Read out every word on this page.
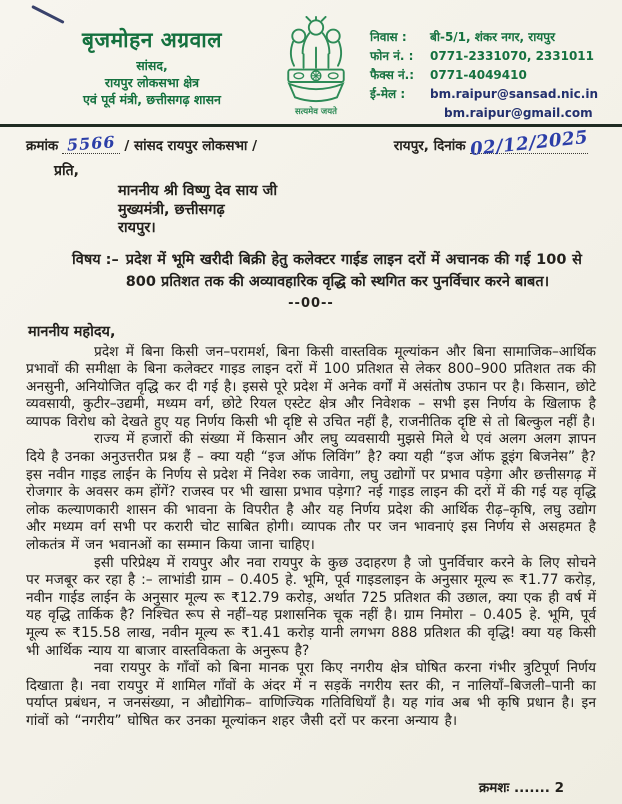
बृजमोहन अग्रवाल
सांसद,
रायपुर लोकसभा क्षेत्र
एवं पूर्व मंत्री, छत्तीसगढ़ शासन
सत्यमेव जयते
निवास :	बी-5/1, शंकर नगर, रायपुर
फोन नं. :	0771-2331070, 2331011
फैक्स नं.:	0771-4049410
ई-मेल :	bm.raipur@sansad.nic.in
bm.raipur@gmail.com
क्रमांक 5566 / सांसद रायपुर लोकसभा /	रायपुर, दिनांक 02/12/2025
प्रति,
माननीय श्री विष्णु देव साय जी
मुख्यमंत्री, छत्तीसगढ़
रायपुर।
विषय :– प्रदेश में भूमि खरीदी बिक्री हेतु कलेक्टर गाईड लाइन दरों में अचानक की गई 100 से 800 प्रतिशत तक की अव्यावहारिक वृद्धि को स्थगित कर पुनर्विचार करने बाबत।
--00--
माननीय महोदय,

प्रदेश में बिना किसी जन–परामर्श, बिना किसी वास्तविक मूल्यांकन और बिना सामाजिक–आर्थिक प्रभावों की समीक्षा के बिना कलेक्टर गाइड लाइन दरों में 100 प्रतिशत से लेकर 800–900 प्रतिशत तक की अनसुनी, अनियोजित वृद्धि कर दी गई है। इससे पूरे प्रदेश में अनेक वर्गों में असंतोष उफान पर है। किसान, छोटे व्यवसायी, कुटीर–उद्यमी, मध्यम वर्ग, छोटे रियल एस्टेट क्षेत्र और निवेशक – सभी इस निर्णय के खिलाफ है व्यापक विरोध को देखते हुए यह निर्णय किसी भी दृष्टि से उचित नहीं है, राजनीतिक दृष्टि से तो बिल्कुल नहीं है।

राज्य में हजारों की संख्या में किसान और लघु व्यवसायी मुझसे मिले थे एवं अलग अलग ज्ञापन दिये है उनका अनुउत्तरीत प्रश्न हैं – क्या यही “इज ऑफ लिविंग” है? क्या यही “इज ऑफ डूइंग बिजनेस” है? इस नवीन गाइड लाईन के निर्णय से प्रदेश में निवेश रुक जावेगा, लघु उद्योगों पर प्रभाव पड़ेगा और छत्तीसगढ़ में रोजगार के अवसर कम होंगें? राजस्व पर भी खासा प्रभाव पड़ेगा? नई गाइड लाइन की दरों में की गई यह वृद्धि लोक कल्याणकारी शासन की भावना के विपरीत है और यह निर्णय प्रदेश की आर्थिक रीढ़–कृषि, लघु उद्योग और मध्यम वर्ग सभी पर करारी चोट साबित होगी। व्यापक तौर पर जन भावनाएं इस निर्णय से असहमत है लोकतंत्र में जन भवानओं का सम्मान किया जाना चाहिए।

इसी परिप्रेक्ष्य में रायपुर और नवा रायपुर के कुछ उदाहरण है जो पुनर्विचार करने के लिए सोचने पर मजबूर कर रहा है :– लाभांडी ग्राम – 0.405 हे. भूमि, पूर्व गाइडलाइन के अनुसार मूल्य रू ₹1.77 करोड़, नवीन गाईड लाईन के अनुसार मूल्य रू ₹12.79 करोड़, अर्थात 725 प्रतिशत की उछाल, क्या एक ही वर्ष में यह वृद्धि तार्किक है? निश्चित रूप से नहीं–यह प्रशासनिक चूक नहीं है। ग्राम निमोरा – 0.405 हे. भूमि, पूर्व मूल्य रू ₹15.58 लाख, नवीन मूल्य रू ₹1.41 करोड़ यानी लगभग 888 प्रतिशत की वृद्धि! क्या यह किसी भी आर्थिक न्याय या बाजार वास्तविकता के अनुरूप है?

नवा रायपुर के गाँवों को बिना मानक पूरा किए नगरीय क्षेत्र घोषित करना गंभीर त्रुटिपूर्ण निर्णय दिखाता है। नवा रायपुर में शामिल गाँवों के अंदर में न सड़कें नगरीय स्तर की, न नालियाँ–बिजली–पानी का पर्याप्त प्रबंधन, न जनसंख्या, न औद्योगिक– वाणिज्यिक गतिविधियाँ है। यह गांव अब भी कृषि प्रधान है। इन गांवों को “नगरीय” घोषित कर उनका मूल्यांकन शहर जैसी दरों पर करना अन्याय है।

क्रमशः ....... 2
